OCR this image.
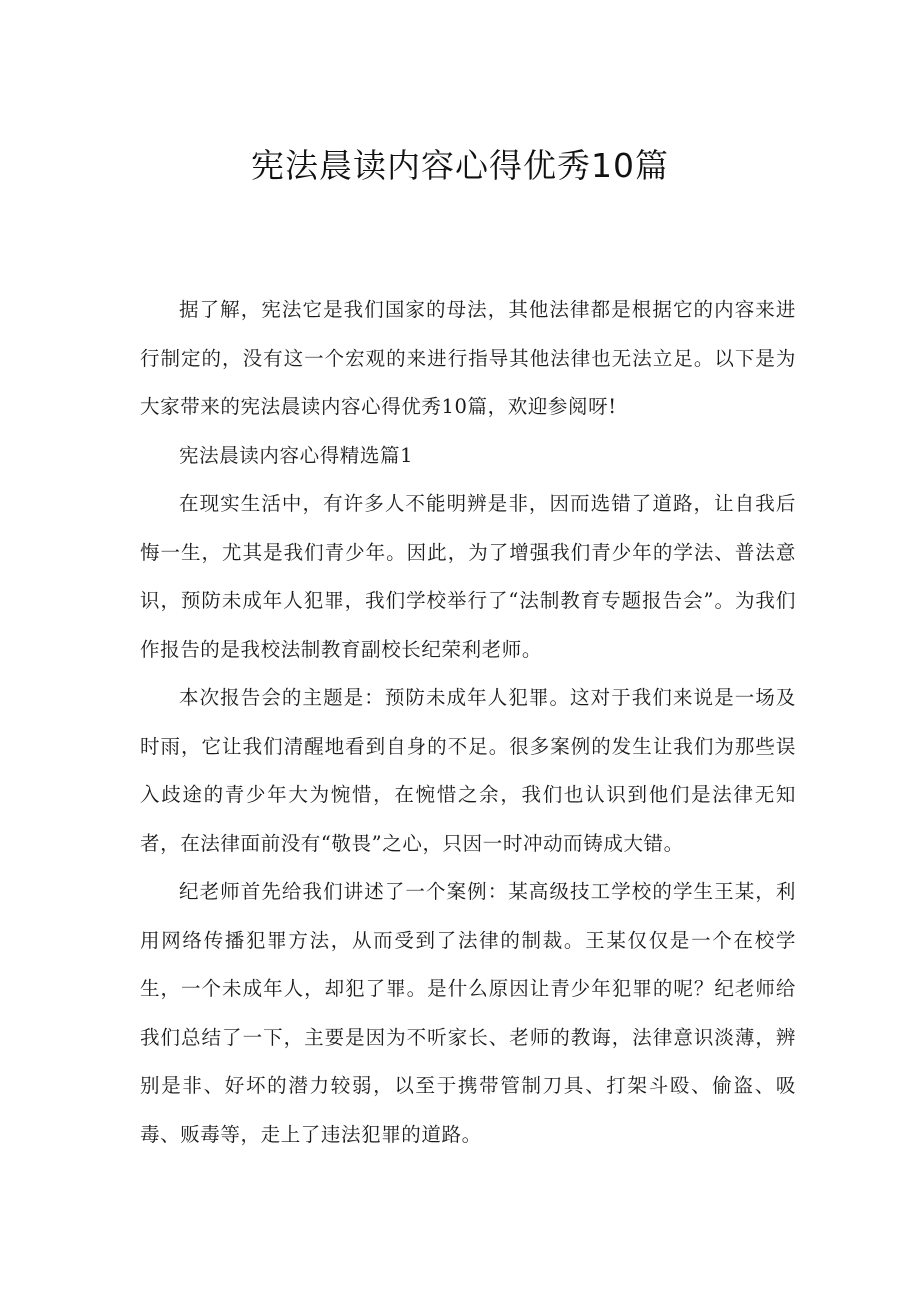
宪法晨读内容心得优秀10篇

据了解，宪法它是我们国家的母法，其他法律都是根据它的内容来进行制定的，没有这一个宏观的来进行指导其他法律也无法立足。以下是为大家带来的宪法晨读内容心得优秀10篇，欢迎参阅呀!

宪法晨读内容心得精选篇1

在现实生活中，有许多人不能明辨是非，因而选错了道路，让自我后悔一生，尤其是我们青少年。因此，为了增强我们青少年的学法、普法意识，预防未成年人犯罪，我们学校举行了“法制教育专题报告会”。为我们作报告的是我校法制教育副校长纪荣利老师。

本次报告会的主题是：预防未成年人犯罪。这对于我们来说是一场及时雨，它让我们清醒地看到自身的不足。很多案例的发生让我们为那些误入歧途的青少年大为惋惜，在惋惜之余，我们也认识到他们是法律无知者，在法律面前没有“敬畏”之心，只因一时冲动而铸成大错。

纪老师首先给我们讲述了一个案例：某高级技工学校的学生王某，利用网络传播犯罪方法，从而受到了法律的制裁。王某仅仅是一个在校学生，一个未成年人，却犯了罪。是什么原因让青少年犯罪的呢？纪老师给我们总结了一下，主要是因为不听家长、老师的教诲，法律意识淡薄，辨别是非、好坏的潜力较弱，以至于携带管制刀具、打架斗殴、偷盗、吸毒、贩毒等，走上了违法犯罪的道路。
